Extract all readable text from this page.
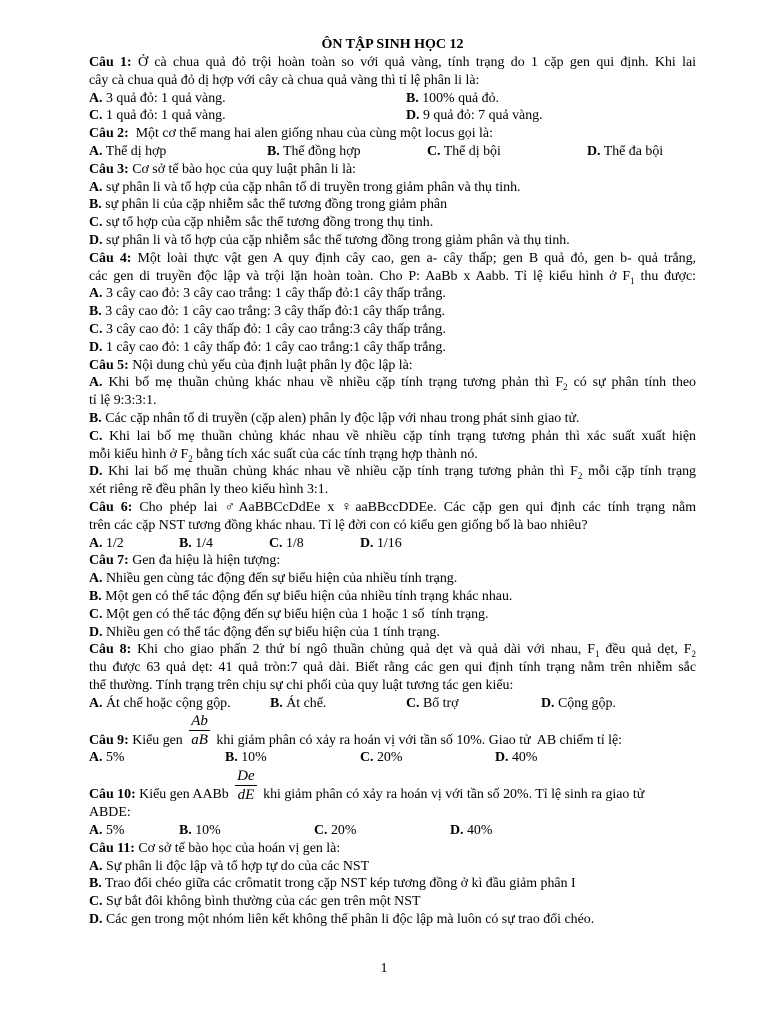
ÔN TẬP SINH HỌC 12
Câu 1: Ở cà chua quả đỏ trội hoàn toàn so với quả vàng, tính trạng do 1 cặp gen qui định. Khi lai
cây cà chua quả đỏ dị hợp với cây cà chua quả vàng thì tỉ lệ phân li là:
A. 3 quả đỏ: 1 quả vàng.	B. 100% quả đỏ.
C. 1 quả đỏ: 1 quả vàng.	D. 9 quả đỏ: 7 quả vàng.
Câu 2:  Một cơ thể mang hai alen giống nhau của cùng một locus gọi là:
A. Thể dị hợp	B. Thể đồng hợp	C. Thể dị bội	D. Thể đa bội
Câu 3: Cơ sở tế bào học của quy luật phân li là:
A. sự phân li và tổ hợp của cặp nhân tố di truyền trong giảm phân và thụ tinh.
B. sự phân li của cặp nhiễm sắc thể tương đồng trong giảm phân
C. sự tổ hợp của cặp nhiễm sắc thể tương đồng trong thụ tinh.
D. sự phân li và tổ hợp của cặp nhiễm sắc thể tương đồng trong giảm phân và thụ tinh.
Câu 4: Một loài thực vật gen A quy định cây cao, gen a- cây thấp; gen B quả đỏ, gen b- quả trắng,
các gen di truyền độc lập và trội lặn hoàn toàn. Cho P: AaBb x Aabb. Tỉ lệ kiểu hình ở $F_1$ thu được:
A. 3 cây cao đỏ: 3 cây cao trắng: 1 cây thấp đỏ:1 cây thấp trắng.
B. 3 cây cao đỏ: 1 cây cao trắng: 3 cây thấp đỏ:1 cây thấp trắng.
C. 3 cây cao đỏ: 1 cây thấp đỏ: 1 cây cao trắng:3 cây thấp trắng.
D. 1 cây cao đỏ: 1 cây thấp đỏ: 1 cây cao trắng:1 cây thấp trắng.
Câu 5: Nội dung chủ yếu của định luật phân ly độc lập là:
A. Khi bố mẹ thuần chủng khác nhau về nhiều cặp tính trạng tương phản thì $F_2$ có sự phân tính theo
tỉ lệ 9:3:3:1.
B. Các cặp nhân tố di truyền (cặp alen) phân ly độc lập với nhau trong phát sinh giao tử.
C. Khi lai bố mẹ thuần chủng khác nhau về nhiều cặp tính trạng tương phản thì xác suất xuất hiện
mỗi kiểu hình ở $F_2$ bằng tích xác suất của các tính trạng hợp thành nó.
D. Khi lai bố mẹ thuần chủng khác nhau về nhiều cặp tính trạng tương phản thì $F_2$ mỗi cặp tính trạng
xét riêng rẽ đều phân ly theo kiểu hình 3:1.
Câu 6: Cho phép lai ♂AaBBCcDdEe x ♀aaBBccDDEe. Các cặp gen qui định các tính trạng nằm
trên các cặp NST tương đồng khác nhau. Tỉ lệ đời con có kiểu gen giống bố là bao nhiêu?
A. 1/2	B. 1/4	C. 1/8	D. 1/16
Câu 7: Gen đa hiệu là hiện tượng:
A. Nhiều gen cùng tác động đến sự biểu hiện của nhiều tính trạng.
B. Một gen có thể tác động đến sự biểu hiện của nhiều tính trạng khác nhau.
C. Một gen có thể tác động đến sự biểu hiện của 1 hoặc 1 số  tính trạng.
D. Nhiều gen có thể tác động đến sự biểu hiện của 1 tính trạng.
Câu 8: Khi cho giao phấn 2 thứ bí ngô thuần chủng quả dẹt và quả dài với nhau, $F_1$ đều quả dẹt, $F_2$
thu được 63 quả dẹt: 41 quả tròn:7 quả dài. Biết rằng các gen qui định tính trạng nằm trên nhiễm sắc
thể thường. Tính trạng trên chịu sự chi phối của quy luật tương tác gen kiểu:
A. Át chế hoặc cộng gộp.	B. Át chế.	C. Bổ trợ	D. Cộng gộp.
Câu 9: Kiểu gen $\frac{Ab}{aB}$ khi giảm phân có xảy ra hoán vị với tần số 10%. Giao tử  AB chiếm tỉ lệ:
A. 5%	B. 10%	C. 20%	D. 40%
Câu 10: Kiểu gen AABb $\frac{De}{dE}$ khi giảm phân có xảy ra hoán vị với tần số 20%. Tỉ lệ sinh ra giao tử
ABDE:
A. 5%	B. 10%	C. 20%	D. 40%
Câu 11: Cơ sở tế bào học của hoán vị gen là:
A. Sự phân li độc lập và tổ hợp tự do của các NST
B. Trao đổi chéo giữa các crômatit trong cặp NST kép tương đồng ở kì đầu giảm phân I
C. Sự bắt đôi không bình thường của các gen trên một NST
D. Các gen trong một nhóm liên kết không thể phân li độc lập mà luôn có sự trao đổi chéo.
1
